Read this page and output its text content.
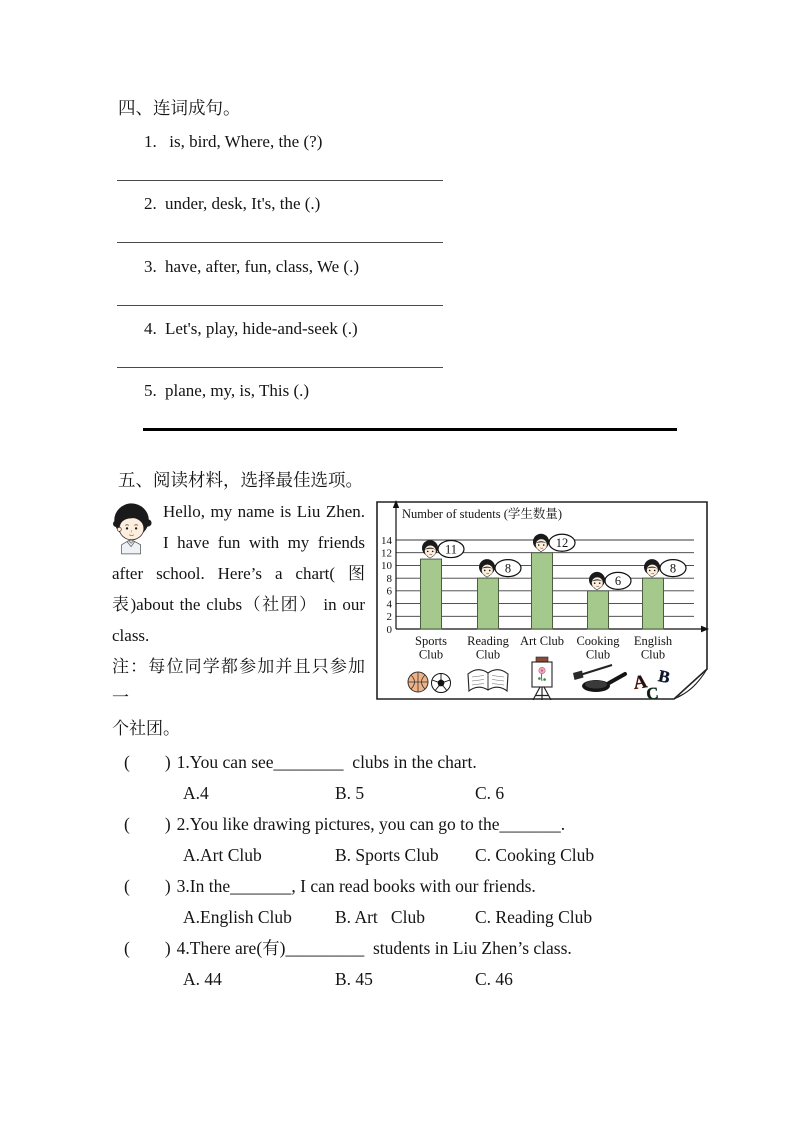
四、连词成句。
1. is, bird, Where, the (?)
2. under, desk, It's, the (.)
3. have, after, fun, class, We (.)
4. Let's, play, hide-and-seek (.)
5. plane, my, is, This (.)
五、阅读材料，选择最佳选项。
Hello, my name is Liu Zhen.
I have fun with my friends
after school. Here’s a chart( 图
表)about the clubs（社团） in our
class.
注：每位同学都参加并且只参加一
个社团。
Number of students (学生数量)
0
2
4
6
8
10
12
14
11
Sports
Club
8
Reading
Club
12
Art Club
6
Cooking
Club
8
English
Club
A B
C
(        ) 1.You can see________  clubs in the chart.
A.4	B. 5	C. 6
(        ) 2.You like drawing pictures, you can go to the_______.
A.Art Club	B. Sports Club	C. Cooking Club
(        ) 3.In the_______, I can read books with our friends.
A.English Club	B. Art   Club	C. Reading Club
(        ) 4.There are(有)_________  students in Liu Zhen’s class.
A. 44	B. 45	C. 46
